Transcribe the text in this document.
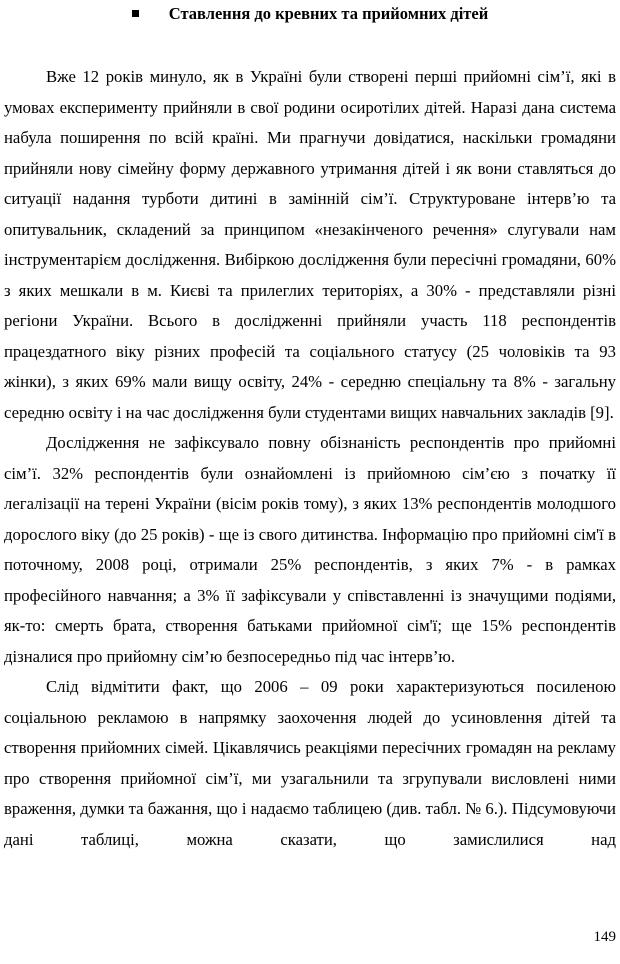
Ставлення до кревних та прийомних дітей

Вже 12 років минуло, як в Україні були створені перші прийомні сім’ї, які в умовах експерименту прийняли в свої родини осиротілих дітей. Наразі дана система набула поширення по всій країні. Ми прагнучи довідатися, наскільки громадяни прийняли нову сімейну форму державного утримання дітей і як вони ставляться до ситуації надання турботи дитині в замінній сім’ї. Структуроване інтерв’ю та опитувальник, складений за принципом «незакінченого речення» слугували нам інструментарієм дослідження. Вибіркою дослідження були пересічні громадяни, 60% з яких мешкали в м. Києві та прилеглих територіях, а 30% - представляли різні регіони України. Всього в дослідженні прийняли участь 118 респондентів працездатного віку різних професій та соціального статусу (25 чоловіків та 93 жінки), з яких 69% мали вищу освіту, 24% - середню спеціальну та 8% - загальну середню освіту і на час дослідження були студентами вищих навчальних закладів [9].

Дослідження не зафіксувало повну обізнаність респондентів про прийомні сім’ї. 32% респондентів були ознайомлені із прийомною сім’єю з початку її легалізації на терені України (вісім років тому), з яких 13% респондентів молодшого дорослого віку (до 25 років) - ще із свого дитинства. Інформацію про прийомні сім'ї в поточному, 2008 році, отримали 25% респондентів, з яких 7% - в рамках професійного навчання; а 3% її зафіксували у співставленні із значущими подіями, як-то: смерть брата, створення батьками прийомної сім'ї; ще 15% респондентів дізналися про прийомну сім’ю безпосередньо під час інтерв’ю.

Слід відмітити факт, що 2006 – 09 роки характеризуються посиленою соціальною рекламою в напрямку заохочення людей до усиновлення дітей та створення прийомних сімей. Цікавлячись реакціями пересічних громадян на рекламу про створення прийомної сім’ї, ми узагальнили та згрупували висловлені ними враження, думки та бажання, що і надаємо таблицею (див. табл. № 6.). Підсумовуючи дані таблиці, можна сказати, що замислилися над

149
